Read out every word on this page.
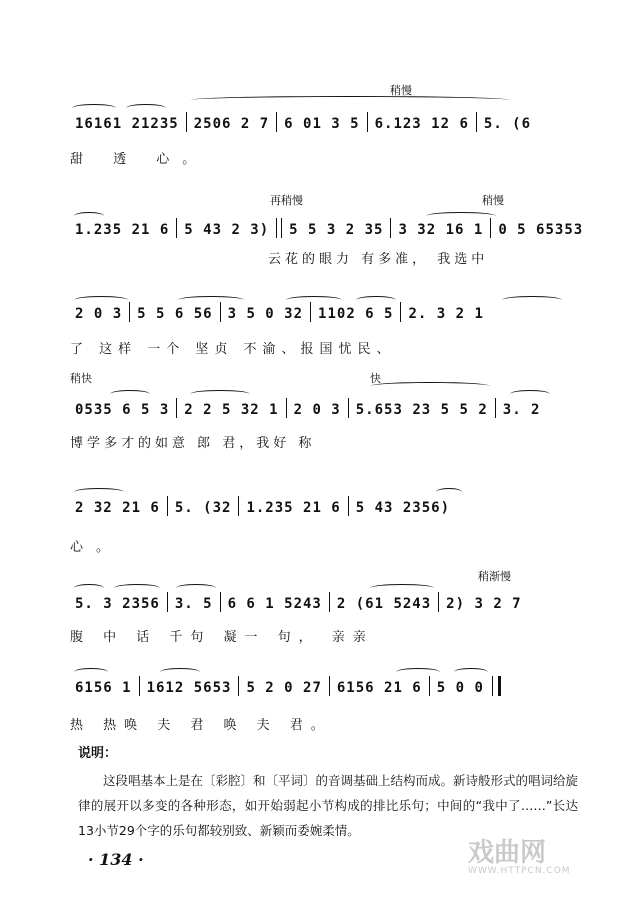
稍慢
16161 21235	2506 2 7	6 01 3 5	6.123 12 6	5. (6
甜 透 心。
再稍慢	稍慢
1.235 21 6	5 43 2 3)	5 5 3 2 35	3 32 16 1	0 5 65353
云花的眼力 有多准， 我选中
2 0 3	5 5 6 56	3 5 0 32	1102 6 5	2. 3 2 1
了 这样 一个 坚贞 不渝、报国忧民、
稍快	快
0535 6 5 3	2 2 5 32 1	2 0 3	5.653 23 5 5 2	3. 2
博学多才的如意 郎 君，我好 称
2 32 21 6	5. (32	1.235 21 6	5 43 2356)
心。
稍渐慢
5. 3 2356	3. 5	6 6 1 5243	2 (61 5243	2) 3 2 7
腹 中 话 千句 凝一 句， 亲亲
6156 1	1612 5653	5 2 0 27	6156 21 6	5 0 0
热 热唤 夫 君 唤 夫 君。
说明：
这段唱基本上是在〔彩腔〕和〔平词〕的音调基础上结构而成。新诗般形式的唱词给旋律的展开以多变的各种形态，如开始弱起小节构成的排比乐句；中间的“我中了……”长达13小节29个字的乐句都较别致、新颖而委婉柔情。
· 134 ·	戏曲网
WWW.HTTPCN.COM
